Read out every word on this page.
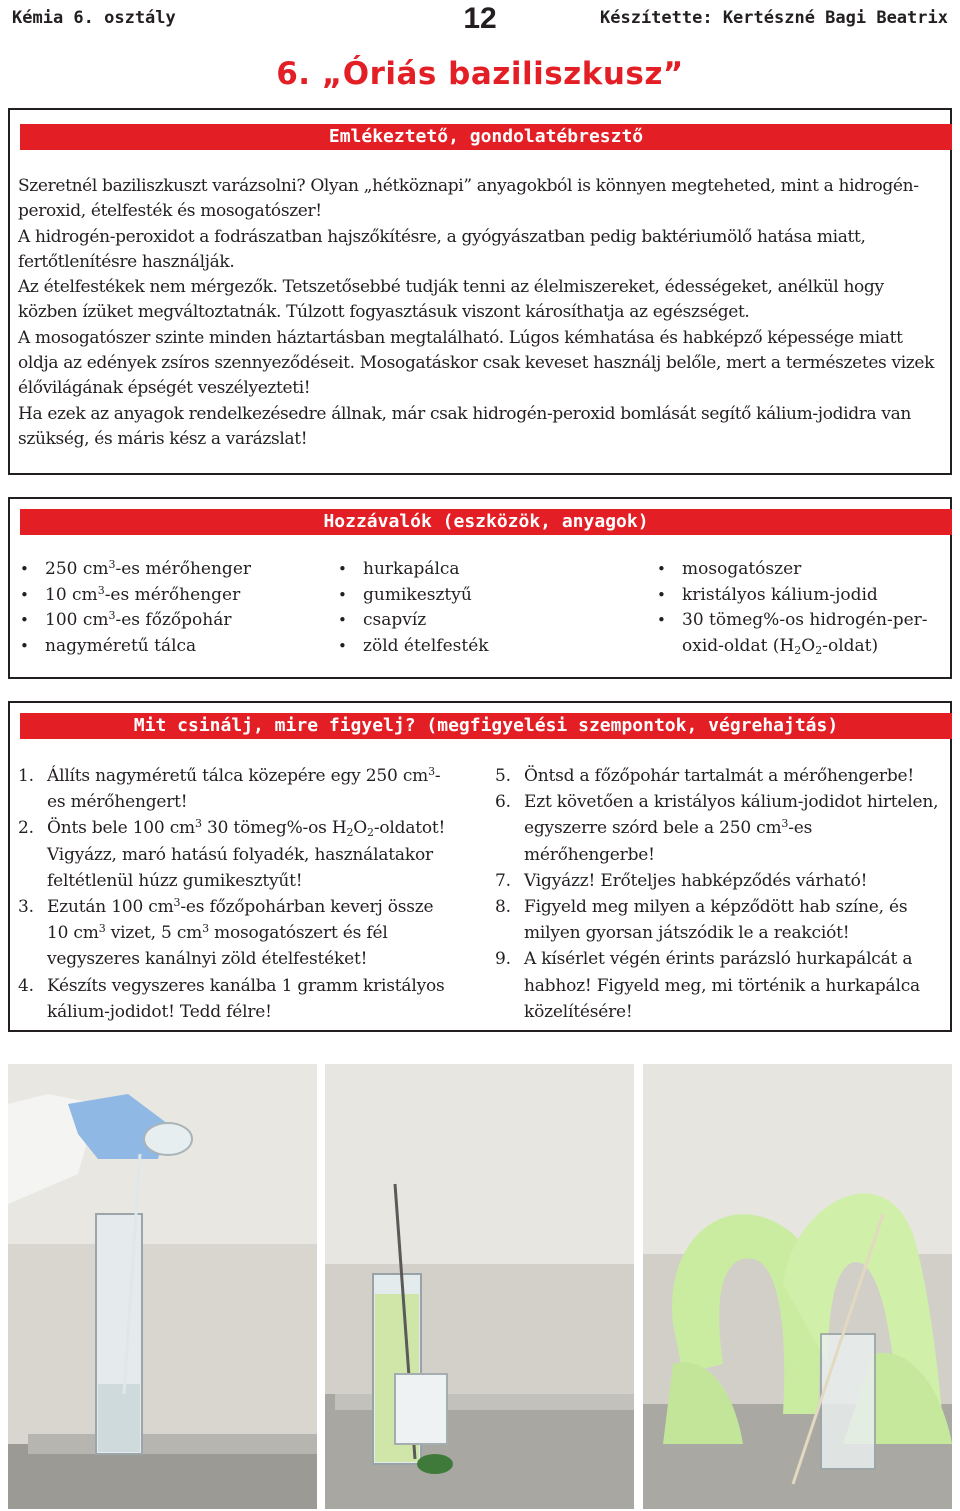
Kémia 6. osztály	12	Készítette: Kertészné Bagi Beatrix
6. „Óriás baziliszkusz”
Emlékeztető, gondolatébresztő

Szeretnél baziliszkuszt varázsolni? Olyan „hétköznapi” anyagokból is könnyen megteheted, mint a hidrogén-peroxid, ételfesték és mosogatószer!

A hidrogén-peroxidot a fodrászatban hajszőkítésre, a gyógyászatban pedig baktériumölő hatása miatt, fertőtlenítésre használják.

Az ételfestékek nem mérgezők. Tetszetősebbé tudják tenni az élelmiszereket, édességeket, anélkül hogy közben ízüket megváltoztatnák. Túlzott fogyasztásuk viszont károsíthatja az egészséget.

A mosogatószer szinte minden háztartásban megtalálható. Lúgos kémhatása és habképző képessége miatt oldja az edények zsíros szennyeződéseit. Mosogatáskor csak keveset használj belőle, mert a természetes vizek élővilágának épségét veszélyezteti!

Ha ezek az anyagok rendelkezésedre állnak, már csak hidrogén-peroxid bomlását segítő kálium-jodidra van szükség, és máris kész a varázslat!

Hozzávalók (eszközök, anyagok)
• 250 $cm^3-es$ mérőhenger
• 10 $cm^3-es$ mérőhenger
• 100 $cm^3-es$ főzőpohár
• nagyméretű tálca
• hurkapálca
• gumikesztyű
• csapvíz
• zöld ételfesték
• mosogatószer
• kristályos kálium-jodid
• 30 tömeg%-os hidrogén-per-oxid-oldat $(H_2O_2-oldat)$
Mit csinálj, mire figyelj? (megfigyelési szempontok, végrehajtás)
1. Állíts nagyméretű tálca közepére egy 250 $cm^3-es$ mérőhengert!
2. Önts bele 100 $cm^3$ 30 tömeg%-os $H_2O_2$-oldatot! Vigyázz, maró hatású folyadék, használatakor feltétlenül húzz gumikesztyűt!
3. Ezután 100 $cm^3-es$ főzőpohárban keverj össze 10 $cm^3$ vizet, 5 $cm^3$ mosogatószert és fél vegyszeres kanálnyi zöld ételfestéket!
4. Készíts vegyszeres kanálba 1 gramm kristályos kálium-jodidot! Tedd félre!
5. Öntsd a főzőpohár tartalmát a mérőhengerbe!
6. Ezt követően a kristályos kálium-jodidot hirtelen, egyszerre szórd bele a 250 $cm^3-es$ mérőhengerbe!
7. Vigyázz! Erőteljes habképződés várható!
8. Figyeld meg milyen a képződött hab színe, és milyen gyorsan játszódik le a reakciót!
9. A kísérlet végén érints parázsló hurkapálcát a habhoz! Figyeld meg, mi történik a hurkapálca közelítésére!
